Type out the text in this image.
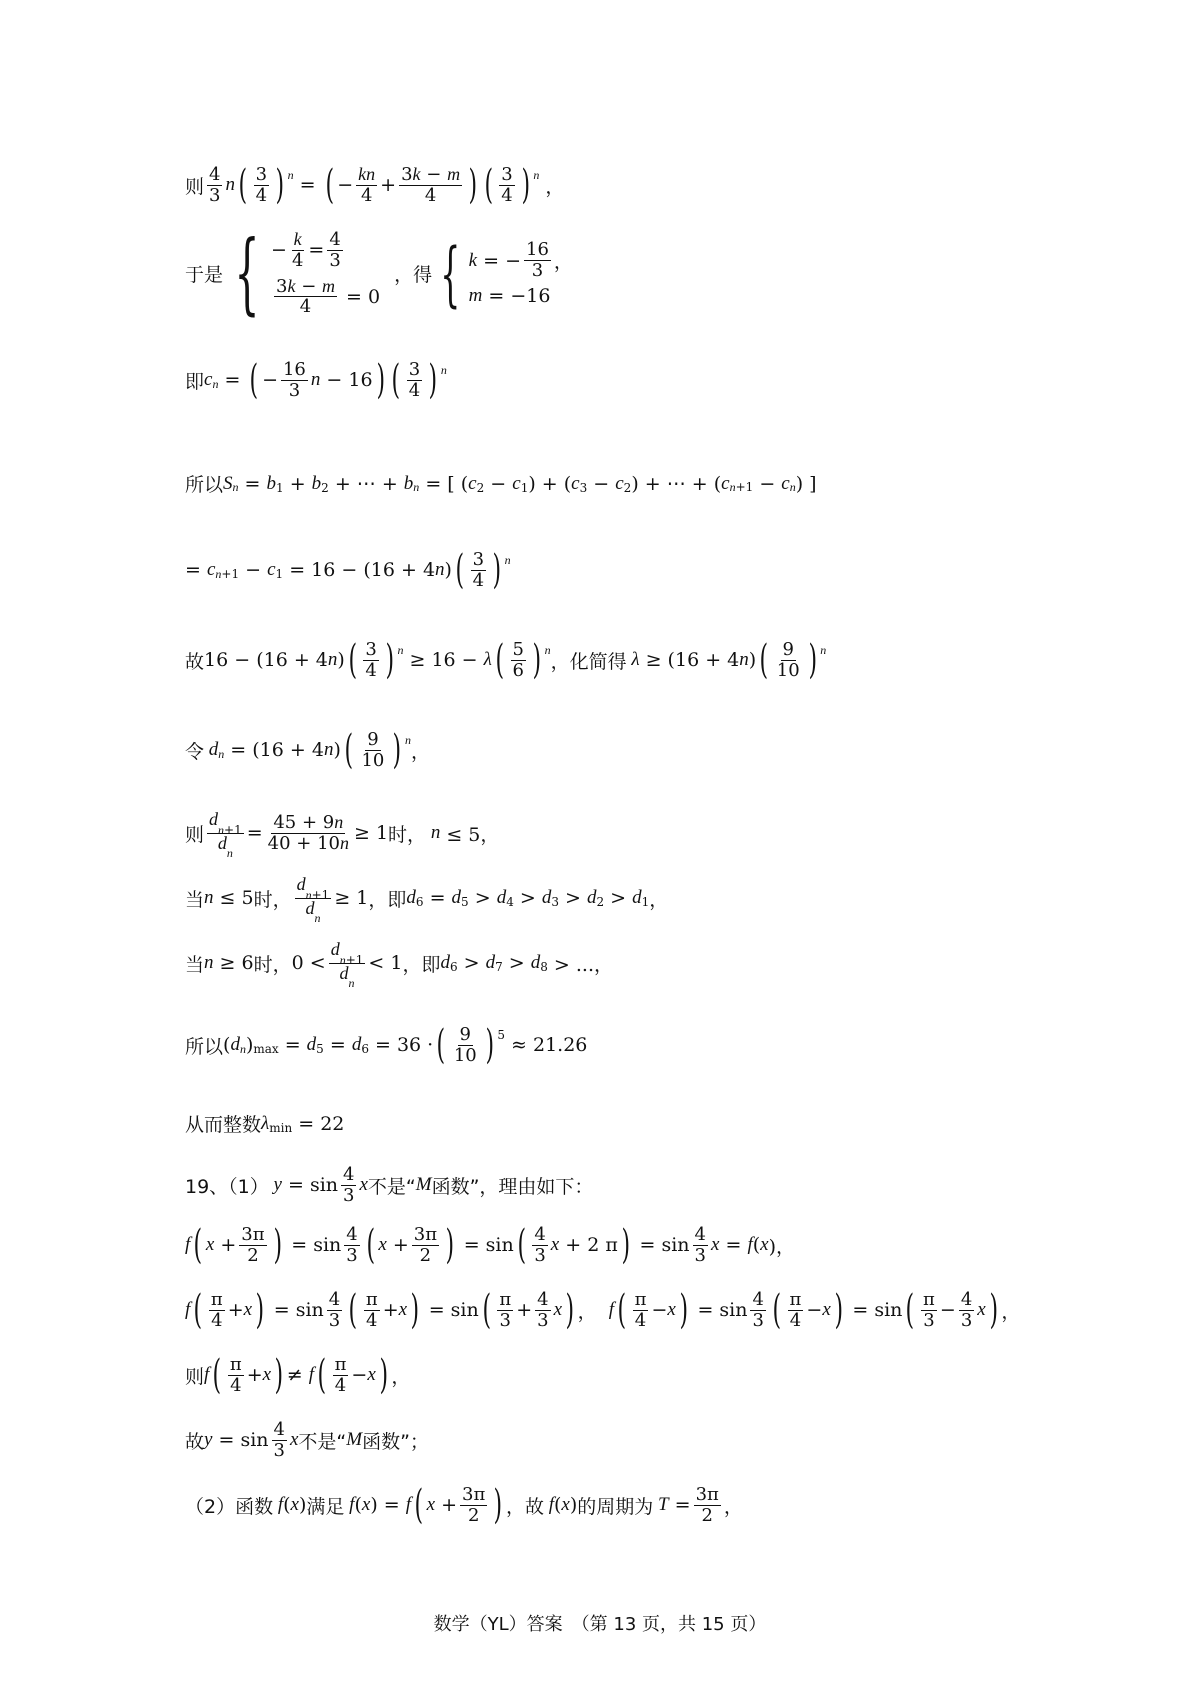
则 $\frac{4}{3}$ n ( $\frac{3}{4}$ ) n = ( − $\frac{kn}{4} + \frac{3k - m}{4}$ ) ( $\frac{3}{4}$ ) n
，
于是 { − $\frac{k}{4} = \frac{4}{3}$
$\frac{3k - m}{4} = 0$
，得 { k = − $\frac{16}{3}$ ，
m = −16
即 c n = ( − $\frac{16}{3}$ n − 16 ) ( $\frac{3}{4}$ ) n
所以 S n = b 1 + b 2 + ⋯ + b n = [ ( c 2 − c 1 ) + ( c 3 − c 2 ) + ⋯ + ( c n+1 − c n ) ]
= c n+1 − c 1 = 16 − (16 + 4 n ) ( $\frac{3}{4}$ ) n
故 16 − (16 + 4 n ) ( $\frac{3}{4}$ ) n ≥ 16 − λ ( $\frac{5}{6}$ ) n
，化简得 λ ≥ (16 + 4 n ) ( $\frac{9}{10}$ ) n
令 d n = (16 + 4 n ) ( $\frac{9}{10}$ ) n
，
则 $\frac{d_{n+1}}{d_n} = \frac{45 + 9n}{40 + 10n} \ge 1$ 时， n ≤ 5，
当 n ≤ 5 时， $\frac{d_{n+1}}{d_n} \ge 1$ ，即 d 6 = d 5 > d 4 > d 3 > d 2 > d 1 ，
当 n ≥ 6 时， $0 < \frac{d_{n+1}}{d_n} < 1$ ，即 d 6 > d 7 > d 8 > ...，
所以 ( d n ) max = d 5 = d 6 = 36 · ( $\frac{9}{10}$ ) 5 ≈ 21.26
从而整数 λ min = 22
19、（1） $y = \sin \frac{4}{3}$ x 不是“ M 函数”，理由如下：
f ( $x + \frac{3\pi}{2}$ ) = $\sin \frac{4}{3}$ ( $x + \frac{3\pi}{2}$ ) = sin ( $\frac{4}{3}$ x + 2 π ) = $\sin \frac{4}{3}$ x = f ( x )，
f ( $\frac{\pi}{4} + x$ ) = $\sin \frac{4}{3}$ ( $\frac{\pi}{4} + x$ ) = sin ( $\frac{\pi}{3} + \frac{4}{3}$ x ) ， f ( $\frac{\pi}{4} - x$ ) = $\sin \frac{4}{3}$ ( $\frac{\pi}{4} - x$ ) = sin ( $\frac{\pi}{3} - \frac{4}{3}$ x ) ，
则 f ( $\frac{\pi}{4} + x$ ) ≠ f ( $\frac{\pi}{4} - x$ ) ，
故 $y = \sin \frac{4}{3}$ x 不是“ M 函数”；
（2）函数 f ( x ) 满足 f ( x ) = f ( $x + \frac{3\pi}{2}$ ) ，故 f ( x ) 的周期为 $T = \frac{3\pi}{2}$ ，
数学（YL）答案　（第 13 页，共 15 页）
